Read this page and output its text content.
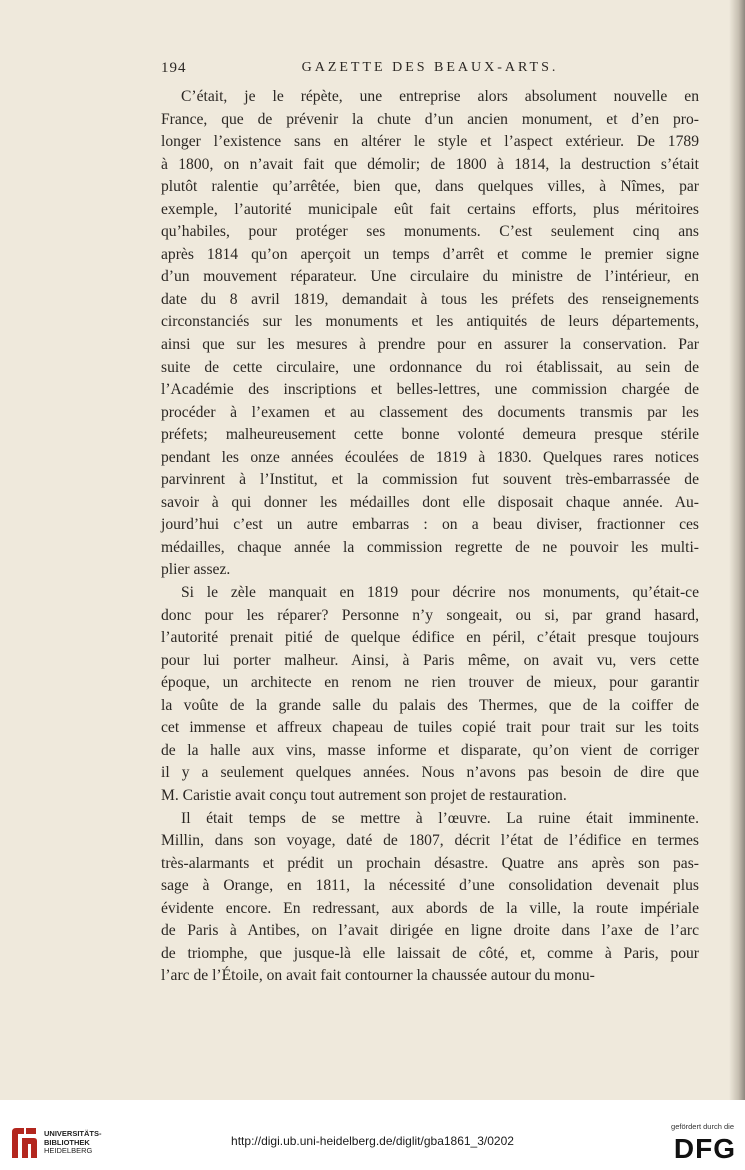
194	GAZETTE DES BEAUX-ARTS.
C’était, je le répète, une entreprise alors absolument nouvelle en
France, que de prévenir la chute d’un ancien monument, et d’en pro-
longer l’existence sans en altérer le style et l’aspect extérieur. De 1789
à 1800, on n’avait fait que démolir; de 1800 à 1814, la destruction s’était
plutôt ralentie qu’arrêtée, bien que, dans quelques villes, à Nîmes, par
exemple, l’autorité municipale eût fait certains efforts, plus méritoires
qu’habiles, pour protéger ses monuments. C’est seulement cinq ans
après 1814 qu’on aperçoit un temps d’arrêt et comme le premier signe
d’un mouvement réparateur. Une circulaire du ministre de l’intérieur, en
date du 8 avril 1819, demandait à tous les préfets des renseignements
circonstanciés sur les monuments et les antiquités de leurs départements,
ainsi que sur les mesures à prendre pour en assurer la conservation. Par
suite de cette circulaire, une ordonnance du roi établissait, au sein de
l’Académie des inscriptions et belles-lettres, une commission chargée de
procéder à l’examen et au classement des documents transmis par les
préfets; malheureusement cette bonne volonté demeura presque stérile
pendant les onze années écoulées de 1819 à 1830. Quelques rares notices
parvinrent à l’Institut, et la commission fut souvent très-embarrassée de
savoir à qui donner les médailles dont elle disposait chaque année. Au-
jourd’hui c’est un autre embarras : on a beau diviser, fractionner ces
médailles, chaque année la commission regrette de ne pouvoir les multi-
plier assez.
Si le zèle manquait en 1819 pour décrire nos monuments, qu’était-ce
donc pour les réparer? Personne n’y songeait, ou si, par grand hasard,
l’autorité prenait pitié de quelque édifice en péril, c’était presque toujours
pour lui porter malheur. Ainsi, à Paris même, on avait vu, vers cette
époque, un architecte en renom ne rien trouver de mieux, pour garantir
la voûte de la grande salle du palais des Thermes, que de la coiffer de
cet immense et affreux chapeau de tuiles copié trait pour trait sur les toits
de la halle aux vins, masse informe et disparate, qu’on vient de corriger
il y a seulement quelques années. Nous n’avons pas besoin de dire que
M. Caristie avait conçu tout autrement son projet de restauration.
Il était temps de se mettre à l’œuvre. La ruine était imminente.
Millin, dans son voyage, daté de 1807, décrit l’état de l’édifice en termes
très-alarmants et prédit un prochain désastre. Quatre ans après son pas-
sage à Orange, en 1811, la nécessité d’une consolidation devenait plus
évidente encore. En redressant, aux abords de la ville, la route impériale
de Paris à Antibes, on l’avait dirigée en ligne droite dans l’axe de l’arc
de triomphe, que jusque-là elle laissait de côté, et, comme à Paris, pour
l’arc de l’Étoile, on avait fait contourner la chaussée autour du monu-
UNIVERSITÄTS-
BIBLIOTHEK
HEIDELBERG
http://digi.ub.uni-heidelberg.de/diglit/gba1861_3/0202
gefördert durch die
DFG
